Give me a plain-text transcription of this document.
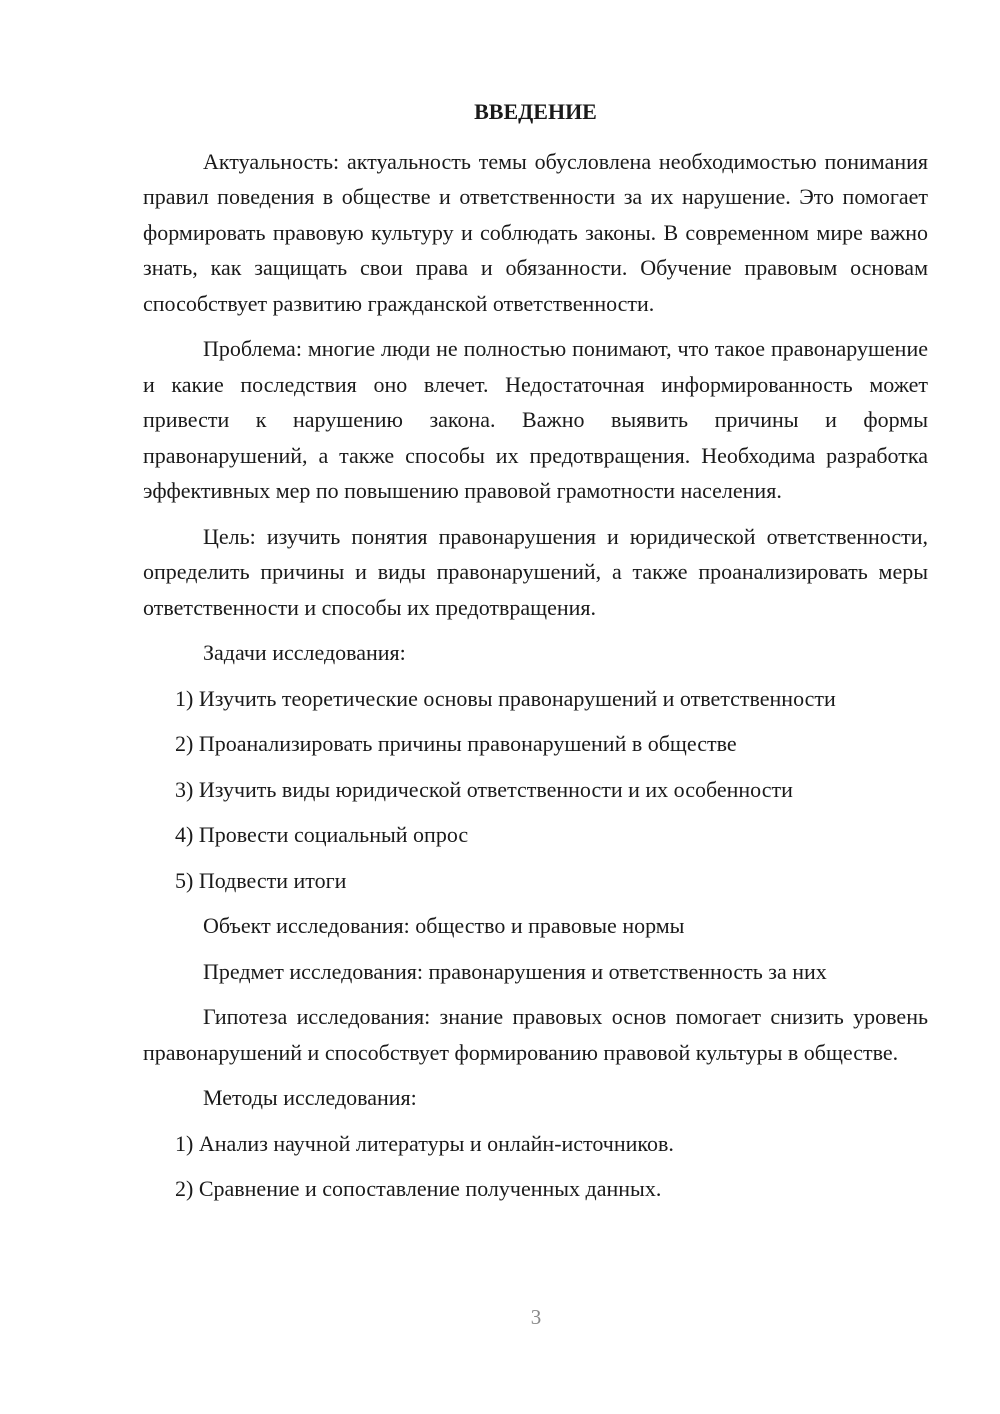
ВВЕДЕНИЕ

Актуальность: актуальность темы обусловлена необходимостью понимания правил поведения в обществе и ответственности за их нарушение. Это помогает формировать правовую культуру и соблюдать законы. В современном мире важно знать, как защищать свои права и обязанности. Обучение правовым основам способствует развитию гражданской ответственности.

Проблема: многие люди не полностью понимают, что такое правонарушение и какие последствия оно влечет. Недостаточная информированность может привести к нарушению закона. Важно выявить причины и формы правонарушений, а также способы их предотвращения. Необходима разработка эффективных мер по повышению правовой грамотности населения.

Цель: изучить понятия правонарушения и юридической ответственности, определить причины и виды правонарушений, а также проанализировать меры ответственности и способы их предотвращения.

Задачи исследования:

1) Изучить теоретические основы правонарушений и ответственности

2) Проанализировать причины правонарушений в обществе

3) Изучить виды юридической ответственности и их особенности

4) Провести социальный опрос

5) Подвести итоги

Объект исследования: общество и правовые нормы

Предмет исследования: правонарушения и ответственность за них

Гипотеза исследования: знание правовых основ помогает снизить уровень правонарушений и способствует формированию правовой культуры в обществе.

Методы исследования:

1) Анализ научной литературы и онлайн-источников.

2) Сравнение и сопоставление полученных данных.

3
